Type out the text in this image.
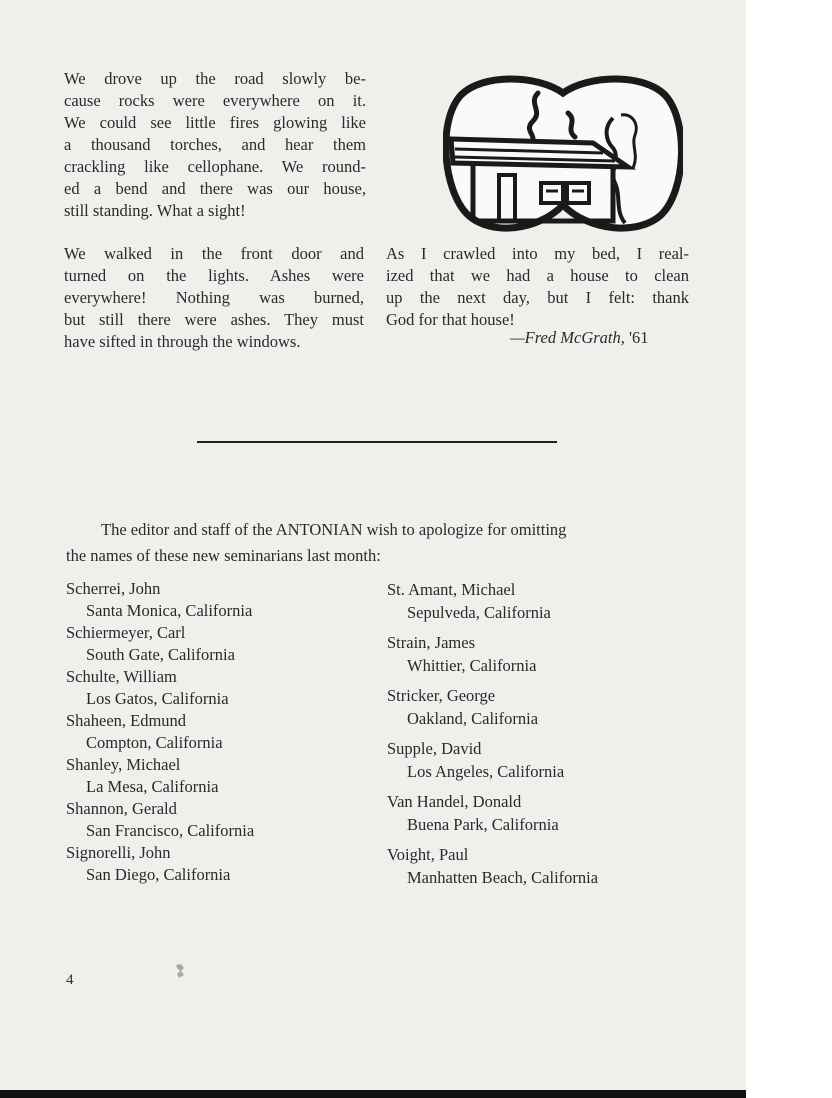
We drove up the road slowly be-
cause rocks were everywhere on it.
We could see little fires glowing like
a thousand torches, and hear them
crackling like cellophane. We round-
ed a bend and there was our house,
still standing. What a sight!
We walked in the front door and
turned on the lights. Ashes were
everywhere! Nothing was burned,
but still there were ashes. They must
have sifted in through the windows.
As I crawled into my bed, I real-
ized that we had a house to clean
up the next day, but I felt: thank
God for that house!
—Fred McGrath, '61
The editor and staff of the ANTONIAN wish to apologize for omitting
the names of these new seminarians last month:
Scherrei, John
Santa Monica, California
Schiermeyer, Carl
South Gate, California
Schulte, William
Los Gatos, California
Shaheen, Edmund
Compton, California
Shanley, Michael
La Mesa, California
Shannon, Gerald
San Francisco, California
Signorelli, John
San Diego, California
St. Amant, Michael
Sepulveda, California
Strain, James
Whittier, California
Stricker, George
Oakland, California
Supple, David
Los Angeles, California
Van Handel, Donald
Buena Park, California
Voight, Paul
Manhatten Beach, California
4
